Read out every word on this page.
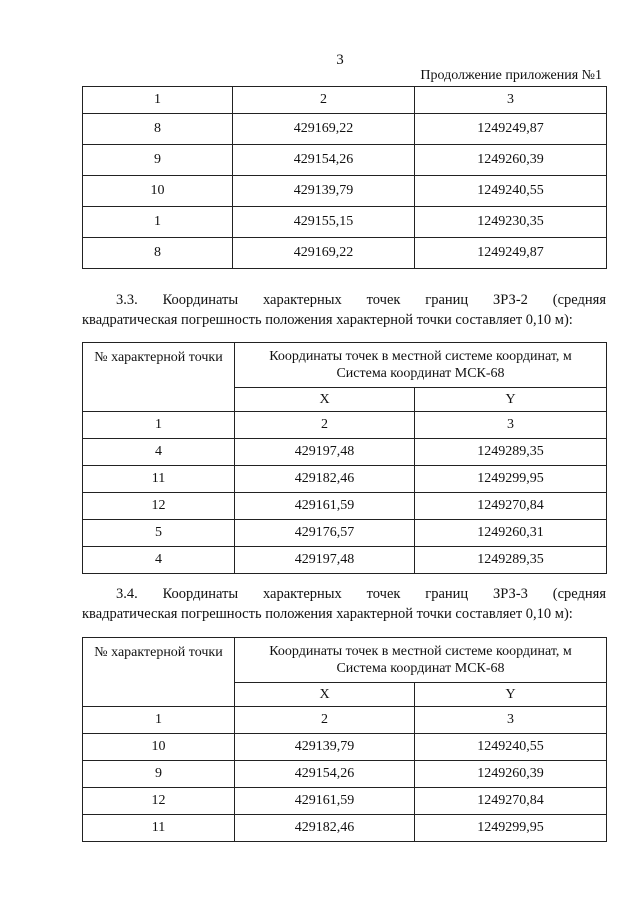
3
Продолжение приложения №1
1	2	3
8	429169,22	1249249,87
9	429154,26	1249260,39
10	429139,79	1249240,55
1	429155,15	1249230,35
8	429169,22	1249249,87
3.3. Координаты характерных точек границ ЗРЗ-2 (средняя
квадратическая погрешность положения характерной точки составляет 0,10 м):
№ характерной точки	Координаты точек в местной системе координат, м
Система координат МСК-68	
	X	Y
1	2	3
4	429197,48	1249289,35
11	429182,46	1249299,95
12	429161,59	1249270,84
5	429176,57	1249260,31
4	429197,48	1249289,35
3.4. Координаты характерных точек границ ЗРЗ-3 (средняя
квадратическая погрешность положения характерной точки составляет 0,10 м):
№ характерной точки	Координаты точек в местной системе координат, м
Система координат МСК-68	
	X	Y
1	2	3
10	429139,79	1249240,55
9	429154,26	1249260,39
12	429161,59	1249270,84
11	429182,46	1249299,95
